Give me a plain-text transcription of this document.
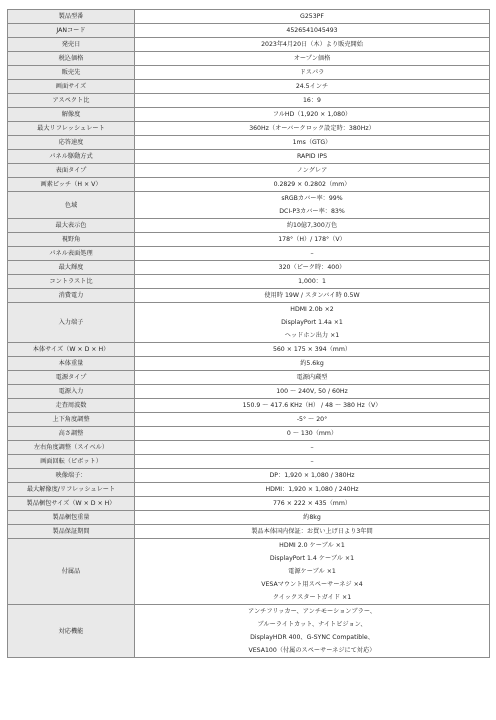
製品型番	G253PF

JANコード	4526541045493

発売日	2023年4月20日（木）より販売開始

税込価格	オープン価格

販売先	ドスパラ

画面サイズ	24.5インチ

アスペクト比	16：9

解像度	フルHD（1,920 × 1,080）

最大リフレッシュレート	360Hz（オーバークロック設定時：380Hz）

応答速度	1ms（GTG）

パネル駆動方式	RAPID IPS

表面タイプ	ノングレア

画素ピッチ（H × V）	0.2829 × 0.2802（mm）

色域	sRGBカバー率：99%
DCI-P3カバー率：83%

最大表示色	約10億7,300万色

視野角	178°（H）/ 178°（V）

パネル表面処理	–

最大輝度	320（ピーク時：400）

コントラスト比	1,000：1

消費電力	使用時 19W / スタンバイ時 0.5W

入力端子	HDMI 2.0b ×2
DisplayPort 1.4a ×1
ヘッドホン出力 ×1

本体サイズ（W × D × H）	560 × 175 × 394（mm）

本体重量	約5.6kg

電源タイプ	電源内蔵型

電源入力	100 ～ 240V, 50 / 60Hz

走査周波数	150.9 ～ 417.6 KHz（H） / 48 ～ 380 Hz（V）

上下角度調整	-5° ～ 20°

高さ調整	0 ～ 130（mm）

左右角度調整（スイベル）	–

画面回転（ピボット）	–

映像端子：	DP：1,920 × 1,080 / 380Hz

最大解像度/リフレッシュレート	HDMI：1,920 × 1,080 / 240Hz

製品梱包サイズ（W × D × H）	776 × 222 × 435（mm）

製品梱包重量	約8kg

製品保証期間	製品本体国内保証：お買い上げ日より3年間

付属品	HDMI 2.0 ケーブル ×1
DisplayPort 1.4 ケーブル ×1
電源ケーブル ×1
VESAマウント用スペーサーネジ ×4
クイックスタートガイド ×1

対応機能	アンチフリッカー、アンチモーションブラー、
ブルーライトカット、ナイトビジョン、
DisplayHDR 400、G-SYNC Compatible、
VESA100（付属のスペーサーネジにて対応）
